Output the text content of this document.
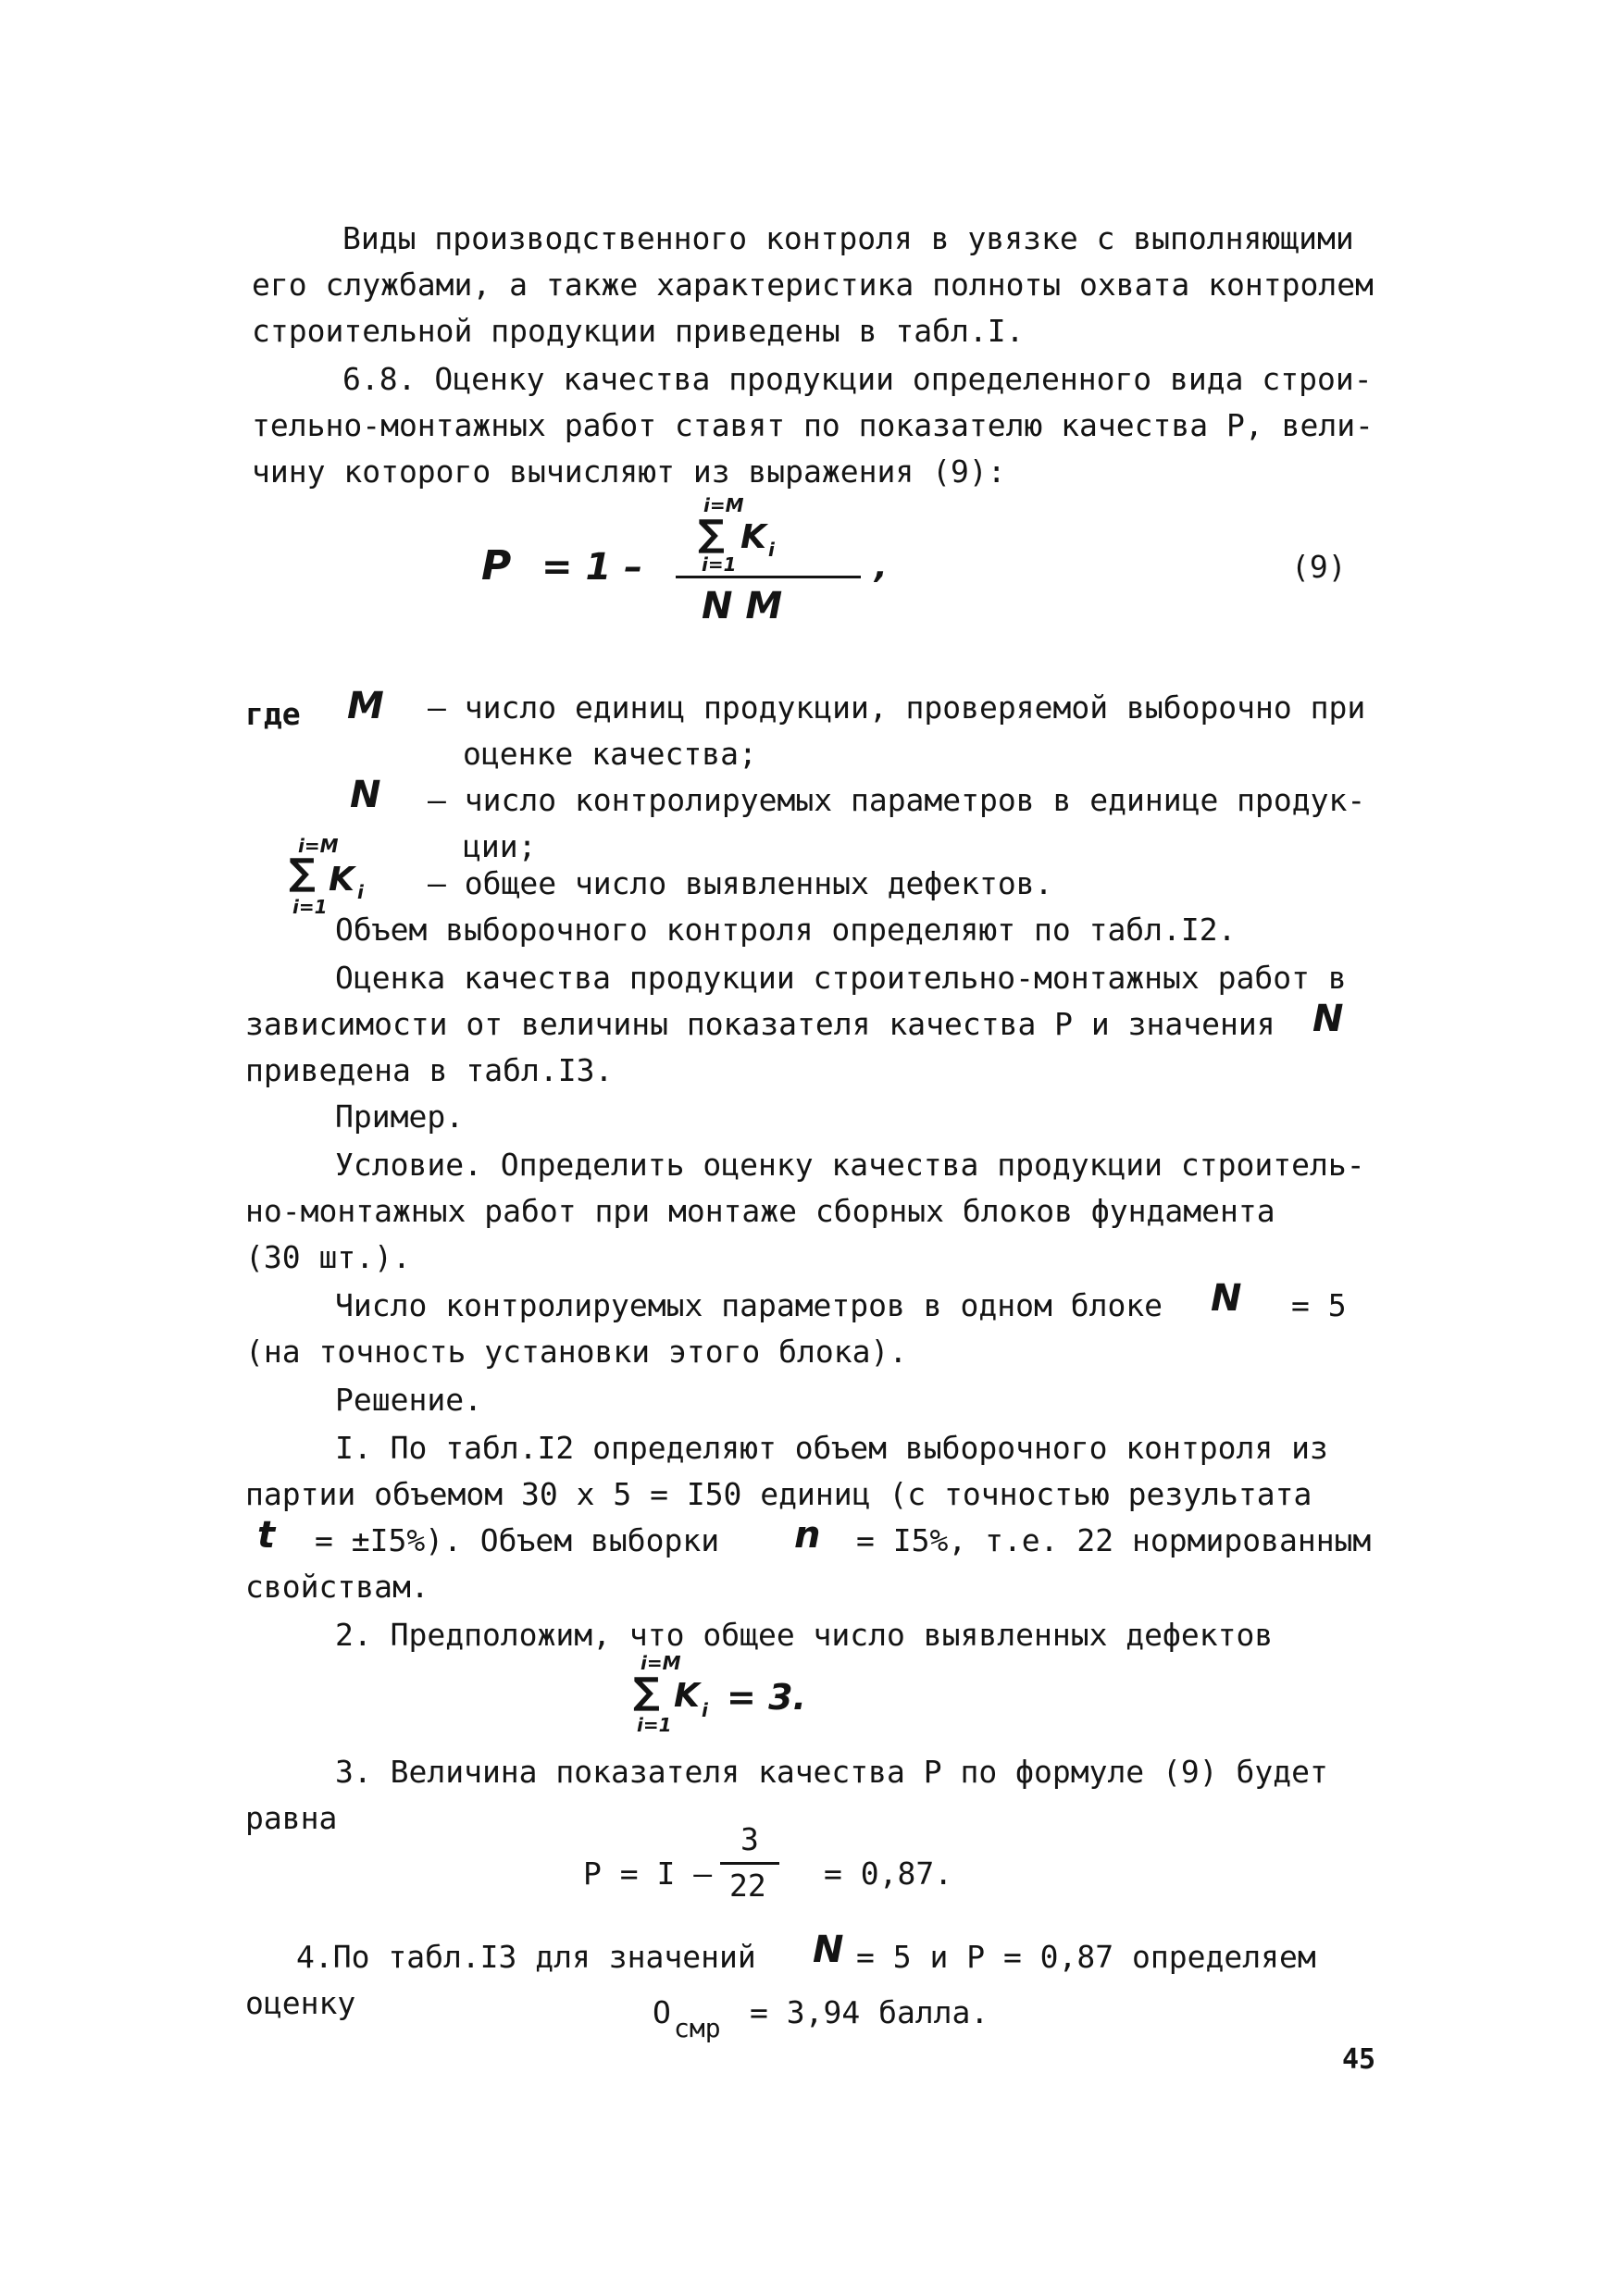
Виды производственного контроля в увязке с выполняющими
его службами, а также характеристика полноты охвата контролем
строительной продукции приведены в табл.I.
6.8. Оценку качества продукции определенного вида строи-
тельно-монтажных работ ставят по показателю качества Р, вели-
чину которого вычисляют из выражения (9):
P = 1 –
i=M
∑ K i
i=1
N M
,	(9)
где M – число единиц продукции, проверяемой выборочно при
оценке качества;
N – число контролируемых параметров в единице продук-
ции;
i=M
∑ K i
i=1
– общее число выявленных дефектов.
Объем выборочного контроля определяют по табл.I2.
Оценка качества продукции строительно-монтажных работ в
зависимости от величины показателя качества Р и значения N
приведена в табл.I3.
Пример.
Условие. Определить оценку качества продукции строитель-
но-монтажных работ при монтаже сборных блоков фундамента
(30 шт.).
Число контролируемых параметров в одном блоке N = 5
(на точность установки этого блока).
Решение.
I. По табл.I2 определяют объем выборочного контроля из
партии объемом 30 х 5 = I50 единиц (с точностью результата
t = ±I5%). Объем выборки n = I5%, т.е. 22 нормированным
свойствам.
2. Предположим, что общее число выявленных дефектов
i=M
∑ K i
i=1
= 3.
3. Величина показателя качества Р по формуле (9) будет
равна
Р = I –
3
22 = 0,87.
4.По табл.I3 для значений N = 5 и Р = 0,87 определяем
оценку	О смр = 3,94 балла.
45
